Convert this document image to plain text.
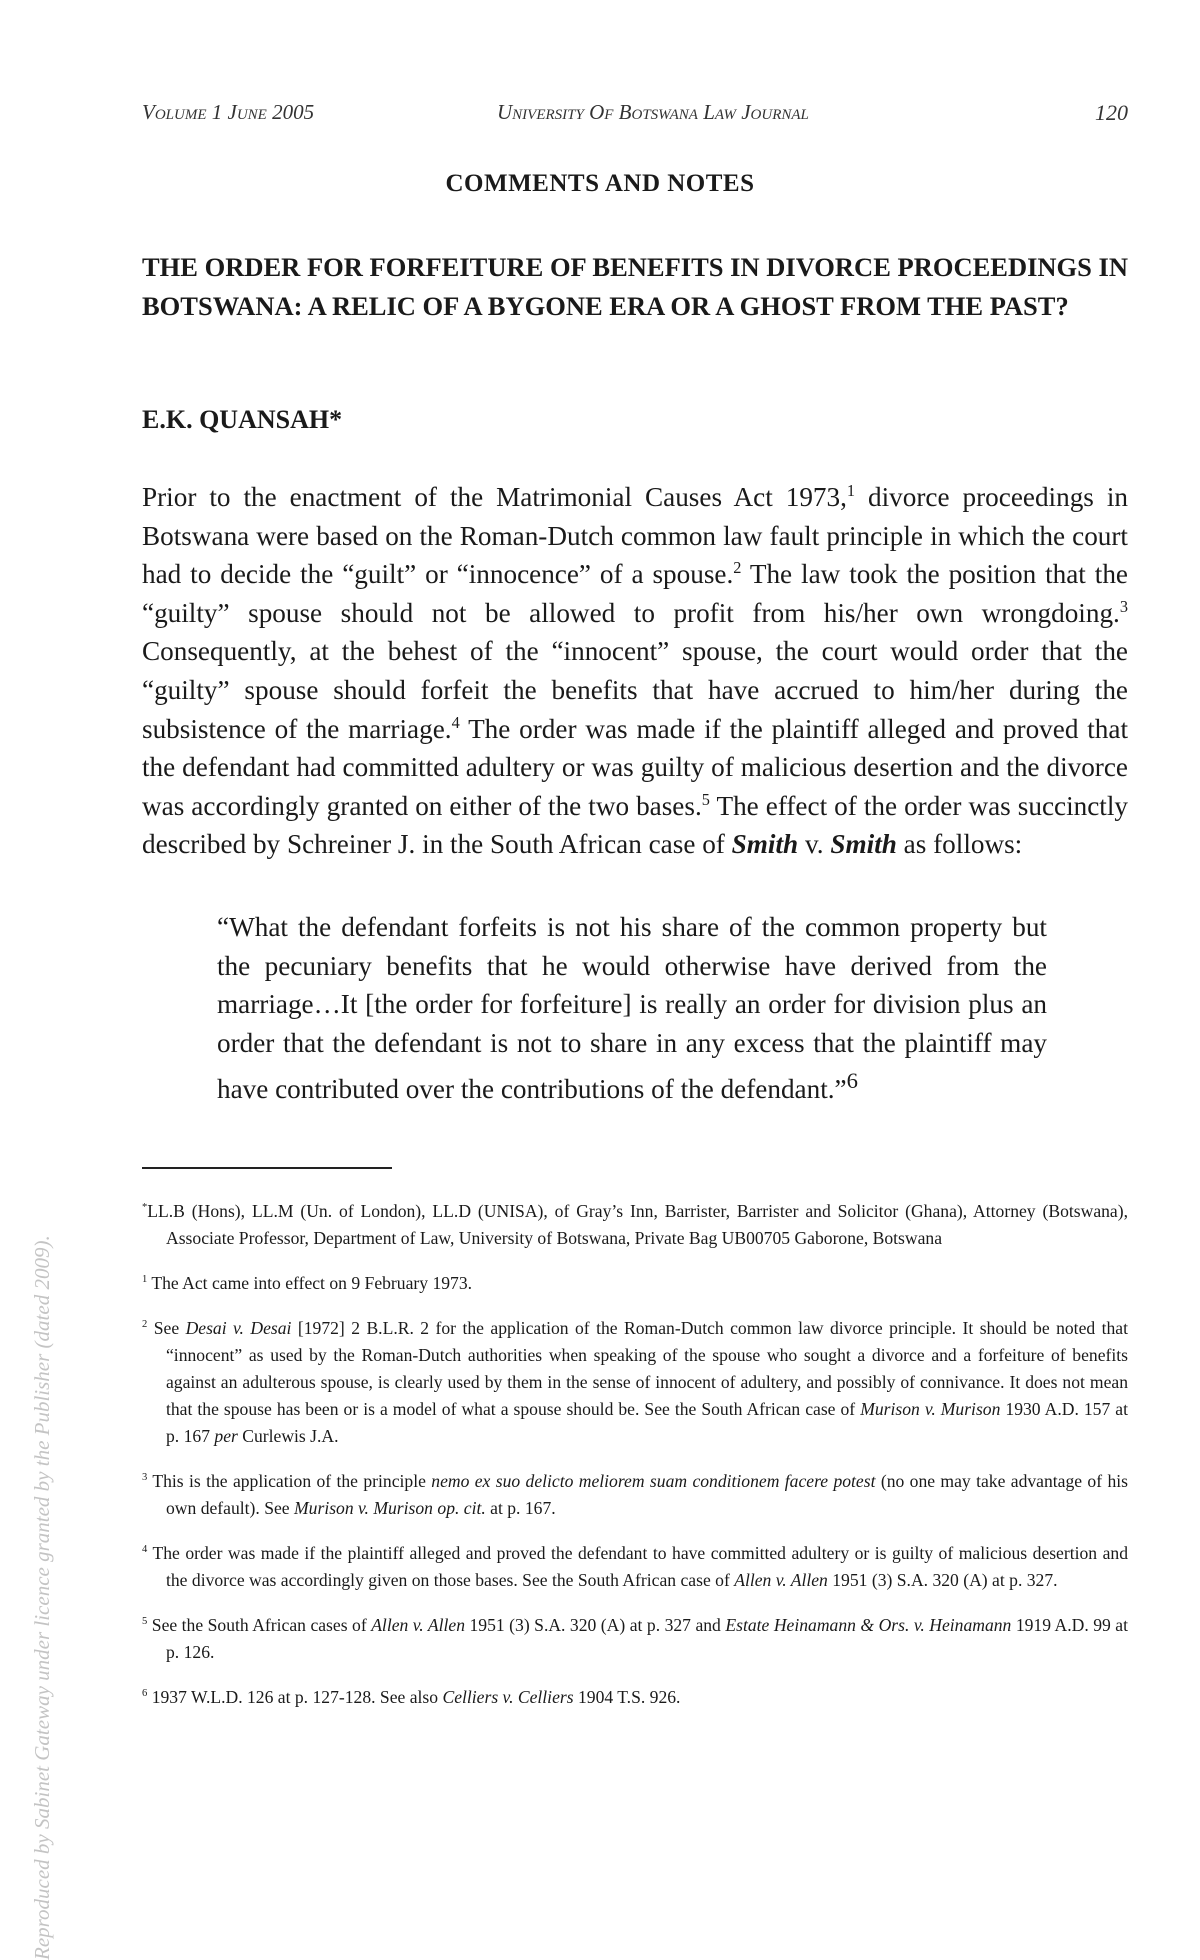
Volume 1 June 2005	University Of Botswana Law Journal	120
COMMENTS AND NOTES
THE ORDER FOR FORFEITURE OF BENEFITS IN DIVORCE PROCEEDINGS IN BOTSWANA: A RELIC OF A BYGONE ERA OR A GHOST FROM THE PAST?
E.K. QUANSAH*

Prior to the enactment of the Matrimonial Causes Act 1973,$^1$ divorce proceedings in Botswana were based on the Roman-Dutch common law fault principle in which the court had to decide the “guilt” or “innocence” of a spouse.$^2$ The law took the position that the “guilty” spouse should not be allowed to profit from his/her own wrongdoing.$^3$ Consequently, at the behest of the “innocent” spouse, the court would order that the “guilty” spouse should forfeit the benefits that have accrued to him/her during the subsistence of the marriage.$^4$ The order was made if the plaintiff alleged and proved that the defendant had committed adultery or was guilty of malicious desertion and the divorce was accordingly granted on either of the two bases.$^5$ The effect of the order was succinctly described by Schreiner J. in the South African case of Smith v. Smith as follows:

“What the defendant forfeits is not his share of the common property but the pecuniary benefits that he would otherwise have derived from the marriage…It [the order for forfeiture] is really an order for division plus an order that the defendant is not to share in any excess that the plaintiff may have contributed over the contributions of the defendant.”$^6$

*LL.B (Hons), LL.M (Un. of London), LL.D (UNISA), of Gray’s Inn, Barrister, Barrister and Solicitor (Ghana), Attorney (Botswana), Associate Professor, Department of Law, University of Botswana, Private Bag UB00705 Gaborone, Botswana

$^1$ The Act came into effect on 9 February 1973.

$^2$ See Desai v. Desai [1972] 2 B.L.R. 2 for the application of the Roman-Dutch common law divorce principle. It should be noted that “innocent” as used by the Roman-Dutch authorities when speaking of the spouse who sought a divorce and a forfeiture of benefits against an adulterous spouse, is clearly used by them in the sense of innocent of adultery, and possibly of connivance. It does not mean that the spouse has been or is a model of what a spouse should be. See the South African case of Murison v. Murison 1930 A.D. 157 at p. 167 per Curlewis J.A.

$^3$ This is the application of the principle nemo ex suo delicto meliorem suam conditionem facere potest (no one may take advantage of his own default). See Murison v. Murison op. cit. at p. 167.

$^4$ The order was made if the plaintiff alleged and proved the defendant to have committed adultery or is guilty of malicious desertion and the divorce was accordingly given on those bases. See the South African case of Allen v. Allen 1951 (3) S.A. 320 (A) at p. 327.

$^5$ See the South African cases of Allen v. Allen 1951 (3) S.A. 320 (A) at p. 327 and Estate Heinamann & Ors. v. Heinamann 1919 A.D. 99 at p. 126.

$^6$ 1937 W.L.D. 126 at p. 127-128. See also Celliers v. Celliers 1904 T.S. 926.

Reproduced by Sabinet Gateway under licence granted by the Publisher (dated 2009).
